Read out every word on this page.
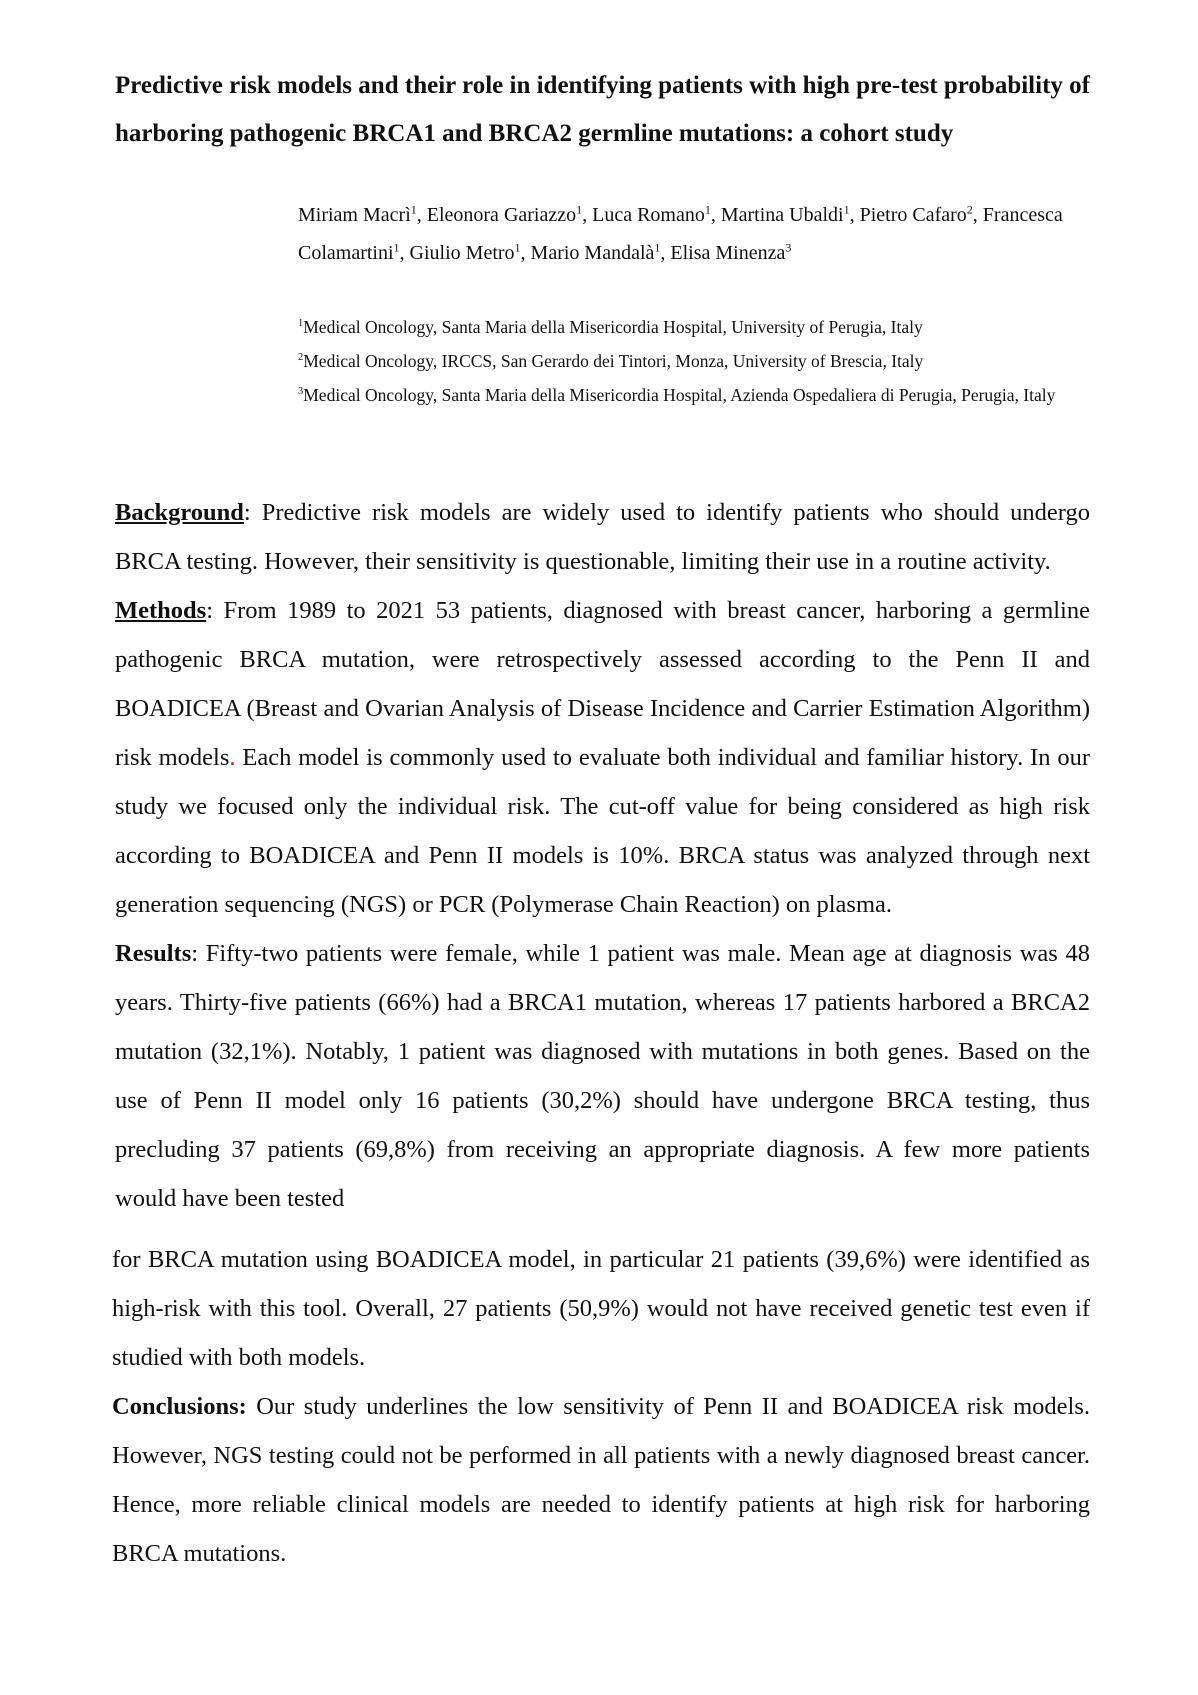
Predictive risk models and their role in identifying patients with high pre-test probability of harboring pathogenic BRCA1 and BRCA2 germline mutations: a cohort study
Miriam Macrì$^1$, Eleonora Gariazzo$^1$, Luca Romano$^1$, Martina Ubaldi$^1$, Pietro Cafaro$^2$, Francesca Colamartini$^1$, Giulio Metro$^1$, Mario Mandalà$^1$, Elisa Minenza$^3$
$^1$Medical Oncology, Santa Maria della Misericordia Hospital, University of Perugia, Italy
$^2$Medical Oncology, IRCCS, San Gerardo dei Tintori, Monza, University of Brescia, Italy
$^3$Medical Oncology, Santa Maria della Misericordia Hospital, Azienda Ospedaliera di Perugia, Perugia, Italy

Background: Predictive risk models are widely used to identify patients who should undergo BRCA testing. However, their sensitivity is questionable, limiting their use in a routine activity.

Methods: From 1989 to 2021 53 patients, diagnosed with breast cancer, harboring a germline pathogenic BRCA mutation, were retrospectively assessed according to the Penn II and BOADICEA (Breast and Ovarian Analysis of Disease Incidence and Carrier Estimation Algorithm) risk models. Each model is commonly used to evaluate both individual and familiar history. In our study we focused only the individual risk. The cut-off value for being considered as high risk according to BOADICEA and Penn II models is 10%. BRCA status was analyzed through next generation sequencing (NGS) or PCR (Polymerase Chain Reaction) on plasma.

Results: Fifty-two patients were female, while 1 patient was male. Mean age at diagnosis was 48 years. Thirty-five patients (66%) had a BRCA1 mutation, whereas 17 patients harbored a BRCA2 mutation (32,1%). Notably, 1 patient was diagnosed with mutations in both genes. Based on the use of Penn II model only 16 patients (30,2%) should have undergone BRCA testing, thus precluding 37 patients (69,8%) from receiving an appropriate diagnosis. A few more patients would have been tested

for BRCA mutation using BOADICEA model, in particular 21 patients (39,6%) were identified as high-risk with this tool. Overall, 27 patients (50,9%) would not have received genetic test even if studied with both models.

Conclusions: Our study underlines the low sensitivity of Penn II and BOADICEA risk models. However, NGS testing could not be performed in all patients with a newly diagnosed breast cancer. Hence, more reliable clinical models are needed to identify patients at high risk for harboring BRCA mutations.
